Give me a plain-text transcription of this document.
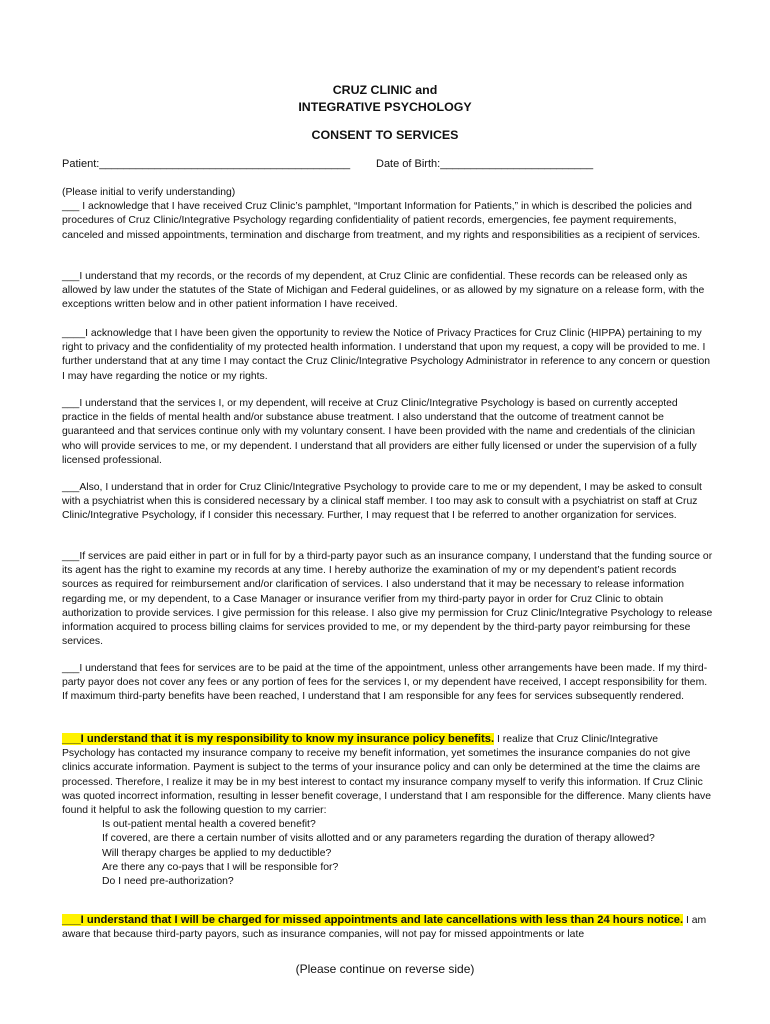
CRUZ CLINIC and
INTEGRATIVE PSYCHOLOGY
CONSENT TO SERVICES
Patient:_________________________________________ Date of Birth:_________________________
(Please initial to verify understanding)
___ I acknowledge that I have received Cruz Clinic’s pamphlet, “Important Information for Patients,” in which is described the policies and procedures of Cruz Clinic/Integrative Psychology regarding confidentiality of patient records, emergencies, fee payment requirements, canceled and missed appointments, termination and discharge from treatment, and my rights and responsibilities as a recipient of services.
___I understand that my records, or the records of my dependent, at Cruz Clinic are confidential. These records can be released only as allowed by law under the statutes of the State of Michigan and Federal guidelines, or as allowed by my signature on a release form, with the exceptions written below and in other patient information I have received.
____I acknowledge that I have been given the opportunity to review the Notice of Privacy Practices for Cruz Clinic (HIPPA) pertaining to my right to privacy and the confidentiality of my protected health information. I understand that upon my request, a copy will be provided to me. I further understand that at any time I may contact the Cruz Clinic/Integrative Psychology Administrator in reference to any concern or question I may have regarding the notice or my rights.
___I understand that the services I, or my dependent, will receive at Cruz Clinic/Integrative Psychology is based on currently accepted practice in the fields of mental health and/or substance abuse treatment. I also understand that the outcome of treatment cannot be guaranteed and that services continue only with my voluntary consent. I have been provided with the name and credentials of the clinician who will provide services to me, or my dependent. I understand that all providers are either fully licensed or under the supervision of a fully licensed professional.
___Also, I understand that in order for Cruz Clinic/Integrative Psychology to provide care to me or my dependent, I may be asked to consult with a psychiatrist when this is considered necessary by a clinical staff member. I too may ask to consult with a psychiatrist on staff at Cruz Clinic/Integrative Psychology, if I consider this necessary. Further, I may request that I be referred to another organization for services.
___If services are paid either in part or in full for by a third-party payor such as an insurance company, I understand that the funding source or its agent has the right to examine my records at any time. I hereby authorize the examination of my or my dependent’s patient records sources as required for reimbursement and/or clarification of services. I also understand that it may be necessary to release information regarding me, or my dependent, to a Case Manager or insurance verifier from my third-party payor in order for Cruz Clinic to obtain authorization to provide services. I give permission for this release. I also give my permission for Cruz Clinic/Integrative Psychology to release information acquired to process billing claims for services provided to me, or my dependent by the third-party payor reimbursing for these services.
___I understand that fees for services are to be paid at the time of the appointment, unless other arrangements have been made. If my third-party payor does not cover any fees or any portion of fees for the services I, or my dependent have received, I accept responsibility for them. If maximum third-party benefits have been reached, I understand that I am responsible for any fees for services subsequently rendered.
___I understand that it is my responsibility to know my insurance policy benefits. I realize that Cruz Clinic/Integrative Psychology has contacted my insurance company to receive my benefit information, yet sometimes the insurance companies do not give clinics accurate information. Payment is subject to the terms of your insurance policy and can only be determined at the time the claims are processed. Therefore, I realize it may be in my best interest to contact my insurance company myself to verify this information. If Cruz Clinic was quoted incorrect information, resulting in lesser benefit coverage, I understand that I am responsible for the difference. Many clients have found it helpful to ask the following question to my carrier:
Is out-patient mental health a covered benefit?
If covered, are there a certain number of visits allotted and or any parameters regarding the duration of therapy allowed?
Will therapy charges be applied to my deductible?
Are there any co-pays that I will be responsible for?
Do I need pre-authorization?
___I understand that I will be charged for missed appointments and late cancellations with less than 24 hours notice. I am aware that because third-party payors, such as insurance companies, will not pay for missed appointments or late
(Please continue on reverse side)
